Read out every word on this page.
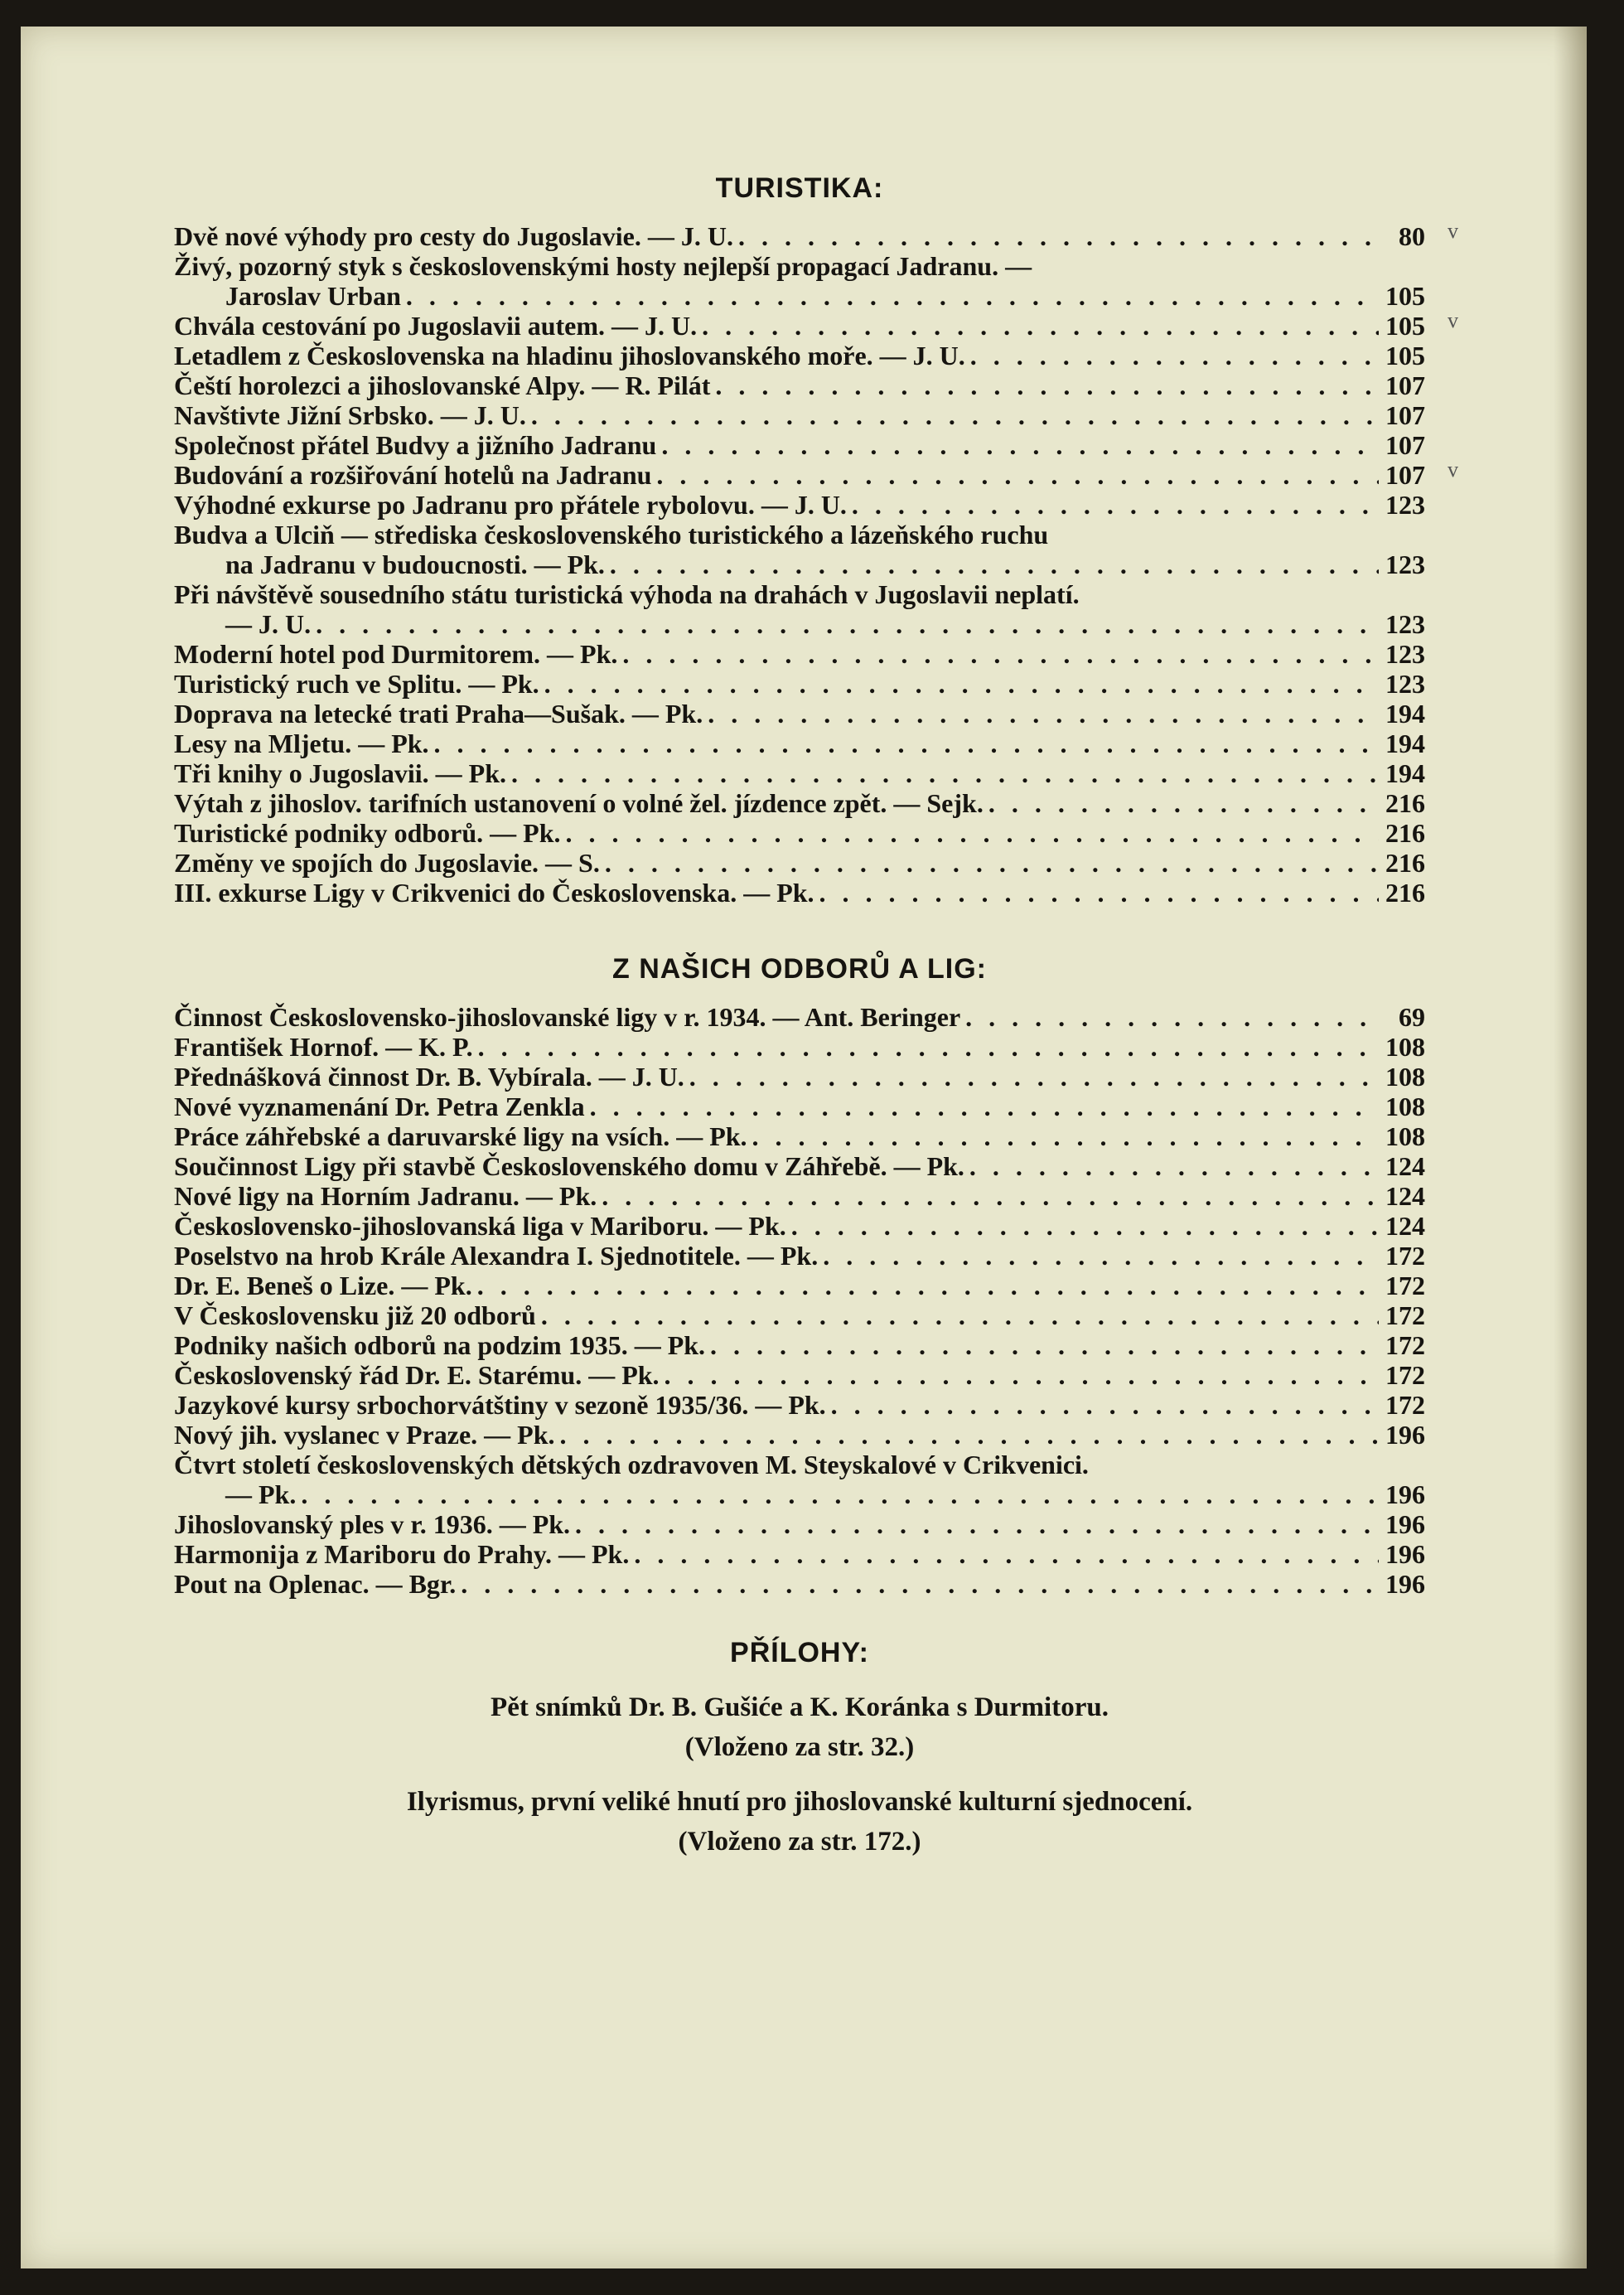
TURISTIKA:
Dvě nové výhody pro cesty do Jugoslavie. — J. U. . . .	80 v
Živý, pozorný styk s československými hosty nejlepší propagací Jadranu. —
Jaroslav Urban . . .	105
Chvála cestování po Jugoslavii autem. — J. U. . . .	105 v
Letadlem z Československa na hladinu jihoslovanského moře. — J. U. . . .	105
Čeští horolezci a jihoslovanské Alpy. — R. Pilát . . .	107
Navštivte Jižní Srbsko. — J. U. . . .	107
Společnost přátel Budvy a jižního Jadranu . . .	107
Budování a rozšiřování hotelů na Jadranu . . .	107 v
Výhodné exkurse po Jadranu pro přátele rybolovu. — J. U. . . .	123
Budva a Ulciň — střediska československého turistického a lázeňského ruchu
na Jadranu v budoucnosti. — Pk. . . .	123
Při návštěvě sousedního státu turistická výhoda na drahách v Jugoslavii neplatí.
— J. U. . . .	123
Moderní hotel pod Durmitorem. — Pk. . . .	123
Turistický ruch ve Splitu. — Pk. . . .	123
Doprava na letecké trati Praha—Sušak. — Pk. . . .	194
Lesy na Mljetu. — Pk. . . .	194
Tři knihy o Jugoslavii. — Pk. . . .	194
Výtah z jihoslov. tarifních ustanovení o volné žel. jízdence zpět. — Sejk. . . .	216
Turistické podniky odborů. — Pk. . . .	216
Změny ve spojích do Jugoslavie. — S. . . .	216
III. exkurse Ligy v Crikvenici do Československa. — Pk. . . .	216
Z NAŠICH ODBORŮ A LIG:
Činnost Československo-jihoslovanské ligy v r. 1934. — Ant. Beringer . . .	69
František Hornof. — K. P. . . .	108
Přednášková činnost Dr. B. Vybírala. — J. U. . . .	108
Nové vyznamenání Dr. Petra Zenkla . . .	108
Práce záhřebské a daruvarské ligy na vsích. — Pk. . . .	108
Součinnost Ligy při stavbě Československého domu v Záhřebě. — Pk. . . .	124
Nové ligy na Horním Jadranu. — Pk. . . .	124
Československo-jihoslovanská liga v Mariboru. — Pk. . . .	124
Poselstvo na hrob Krále Alexandra I. Sjednotitele. — Pk. . . .	172
Dr. E. Beneš o Lize. — Pk. . . .	172
V Československu již 20 odborů . . .	172
Podniky našich odborů na podzim 1935. — Pk. . . .	172
Československý řád Dr. E. Starému. — Pk. . . .	172
Jazykové kursy srbochorvátštiny v sezoně 1935/36. — Pk. . . .	172
Nový jih. vyslanec v Praze. — Pk. . . .	196
Čtvrt století československých dětských ozdravoven M. Steyskalové v Crikvenici.
— Pk. . . .	196
Jihoslovanský ples v r. 1936. — Pk. . . .	196
Harmonija z Mariboru do Prahy. — Pk. . . .	196
Pout na Oplenac. — Bgr. . . .	196
PŘÍLOHY:
Pět snímků Dr. B. Gušiće a K. Koránka s Durmitoru.
(Vloženo za str. 32.)
Ilyrismus, první veliké hnutí pro jihoslovanské kulturní sjednocení.
(Vloženo za str. 172.)
